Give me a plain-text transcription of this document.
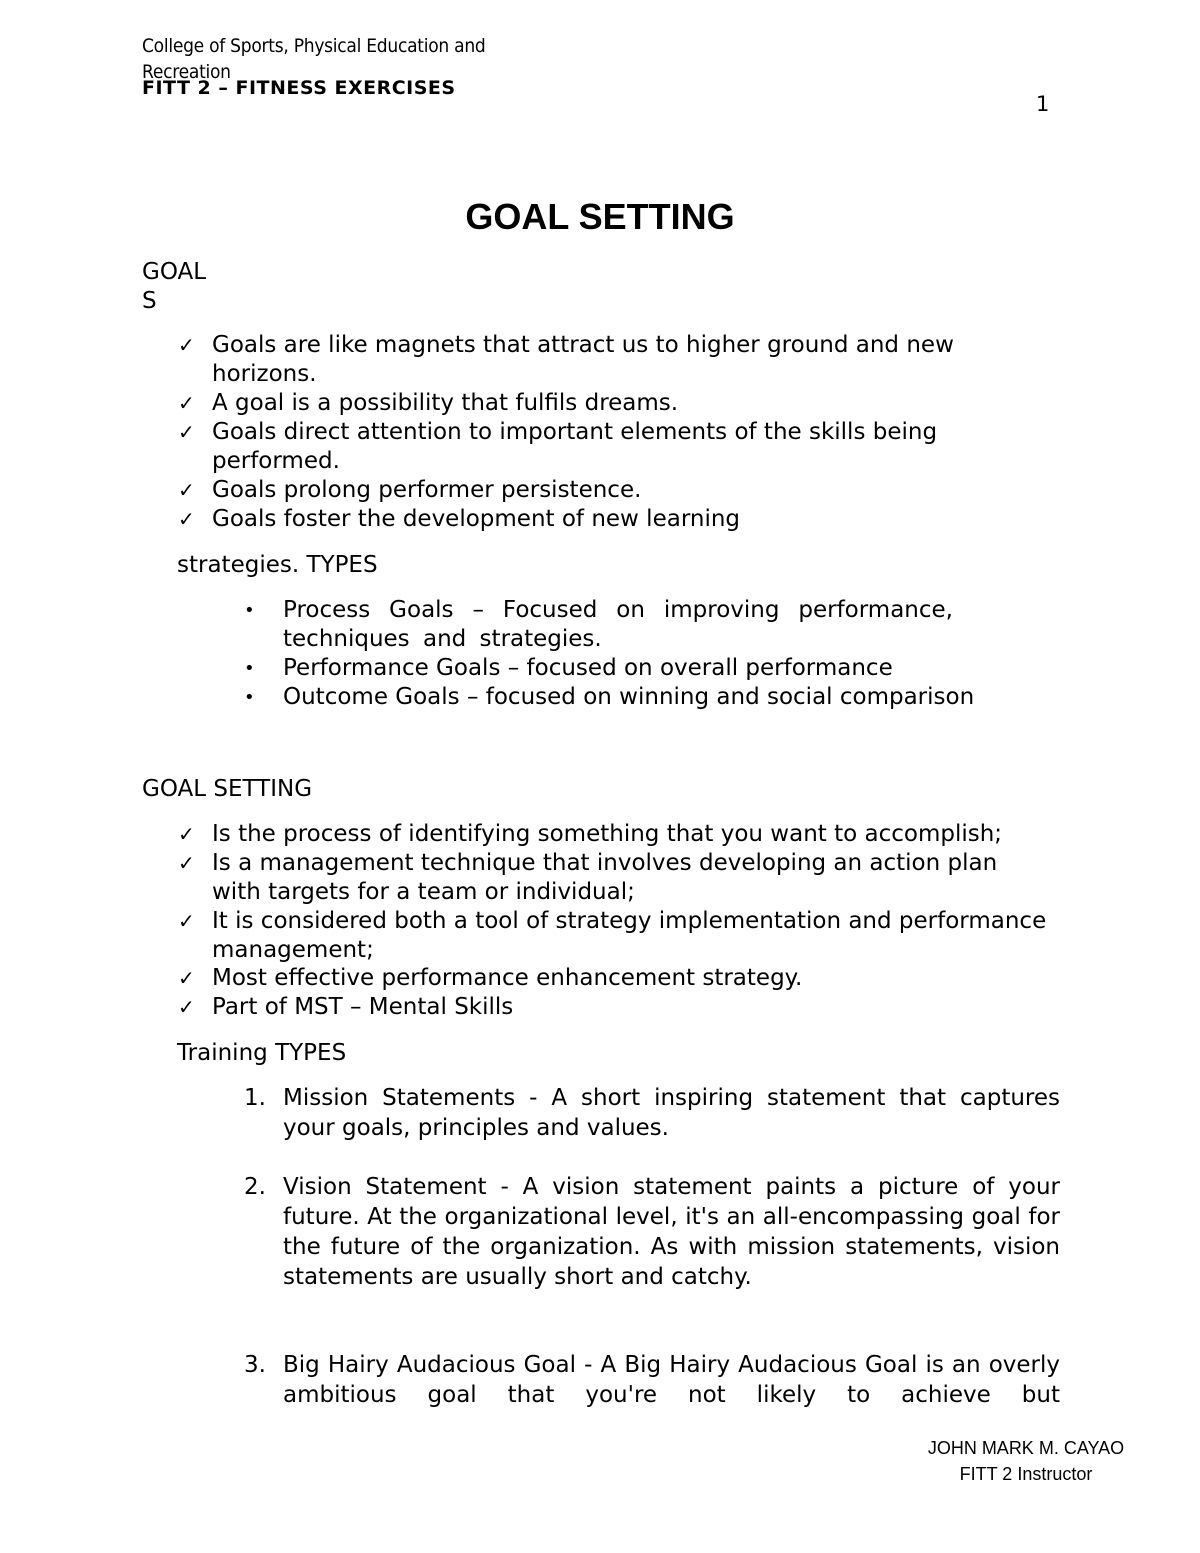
College of Sports, Physical Education and
Recreation
FITT 2 – FITNESS EXERCISES
1
GOAL SETTING
GOAL
S
✓ Goals are like magnets that attract us to higher ground and new horizons.
✓ A goal is a possibility that fulfils dreams.
✓ Goals direct attention to important elements of the skills being performed.
✓ Goals prolong performer persistence.
✓ Goals foster the development of new learning
strategies. TYPES
• Process Goals – Focused on improving performance, techniques and strategies.
• Performance Goals – focused on overall performance
• Outcome Goals – focused on winning and social comparison
GOAL SETTING
✓ Is the process of identifying something that you want to accomplish;
✓ Is a management technique that involves developing an action plan with targets for a team or individual;
✓ It is considered both a tool of strategy implementation and performance management;
✓ Most effective performance enhancement strategy.
✓ Part of MST – Mental Skills
Training TYPES
1. Mission Statements - A short inspiring statement that captures your goals, principles and values.
2. Vision Statement - A vision statement paints a picture of your future. At the organizational level, it's an all-encompassing goal for the future of the organization. As with mission statements, vision statements are usually short and catchy.
3. Big Hairy Audacious Goal - A Big Hairy Audacious Goal is an overly ambitious goal that you're not likely to achieve but
JOHN MARK M. CAYAO
FITT 2 Instructor
